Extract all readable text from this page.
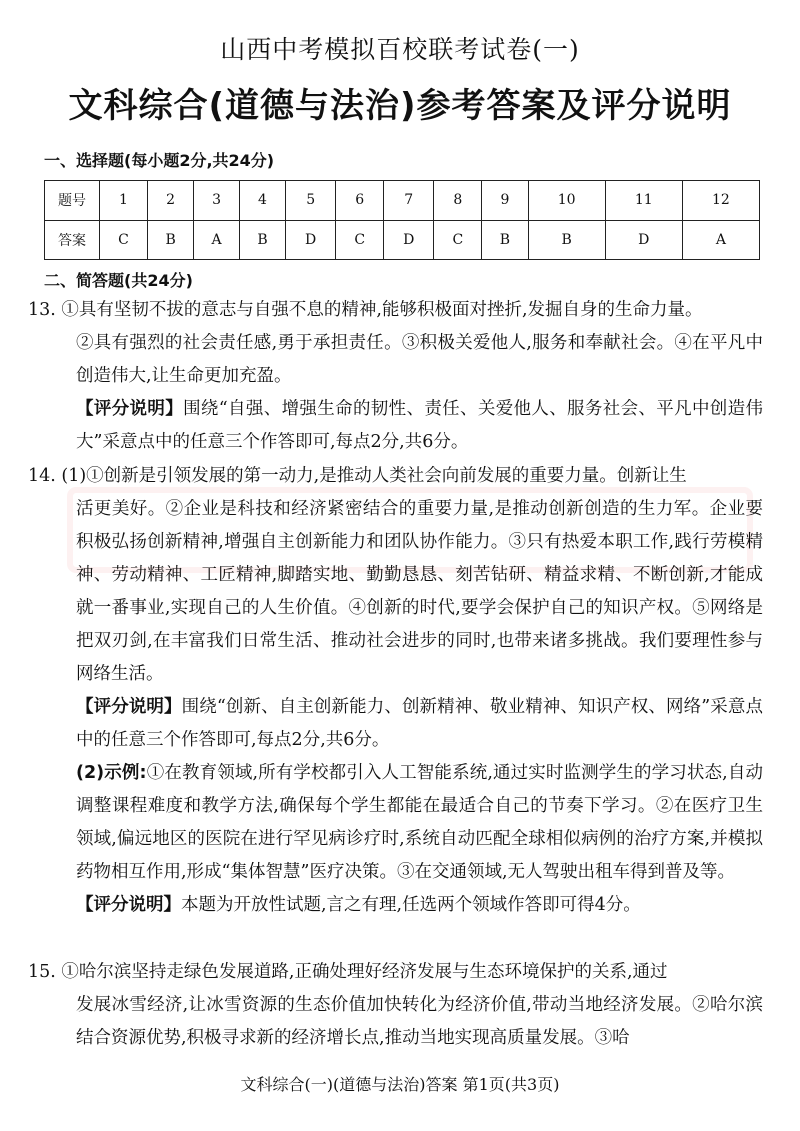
山西中考模拟百校联考试卷(一)
文科综合(道德与法治)参考答案及评分说明
一、选择题(每小题2分,共24分)
题号	1	2	3	4	5	6	7	8	9	10	11	12
答案	C	B	A	B	D	C	D	C	B	B	D	A
二、简答题(共24分)

13. ①具有坚韧不拔的意志与自强不息的精神,能够积极面对挫折,发掘自身的生命力量。

②具有强烈的社会责任感,勇于承担责任。③积极关爱他人,服务和奉献社会。④在平凡中创造伟大,让生命更加充盈。

【评分说明】围绕“自强、增强生命的韧性、责任、关爱他人、服务社会、平凡中创造伟大”采意点中的任意三个作答即可,每点2分,共6分。

14. (1)①创新是引领发展的第一动力,是推动人类社会向前发展的重要力量。创新让生

活更美好。②企业是科技和经济紧密结合的重要力量,是推动创新创造的生力军。企业要积极弘扬创新精神,增强自主创新能力和团队协作能力。③只有热爱本职工作,践行劳模精神、劳动精神、工匠精神,脚踏实地、勤勤恳恳、刻苦钻研、精益求精、不断创新,才能成就一番事业,实现自己的人生价值。④创新的时代,要学会保护自己的知识产权。⑤网络是把双刃剑,在丰富我们日常生活、推动社会进步的同时,也带来诸多挑战。我们要理性参与网络生活。

【评分说明】围绕“创新、自主创新能力、创新精神、敬业精神、知识产权、网络”采意点中的任意三个作答即可,每点2分,共6分。

(2)示例:①在教育领域,所有学校都引入人工智能系统,通过实时监测学生的学习状态,自动调整课程难度和教学方法,确保每个学生都能在最适合自己的节奏下学习。②在医疗卫生领域,偏远地区的医院在进行罕见病诊疗时,系统自动匹配全球相似病例的治疗方案,并模拟药物相互作用,形成“集体智慧”医疗决策。③在交通领域,无人驾驶出租车得到普及等。

【评分说明】本题为开放性试题,言之有理,任选两个领域作答即可得4分。

15. ①哈尔滨坚持走绿色发展道路,正确处理好经济发展与生态环境保护的关系,通过

发展冰雪经济,让冰雪资源的生态价值加快转化为经济价值,带动当地经济发展。②哈尔滨结合资源优势,积极寻求新的经济增长点,推动当地实现高质量发展。③哈

文科综合(一)(道德与法治)答案 第1页(共3页)
